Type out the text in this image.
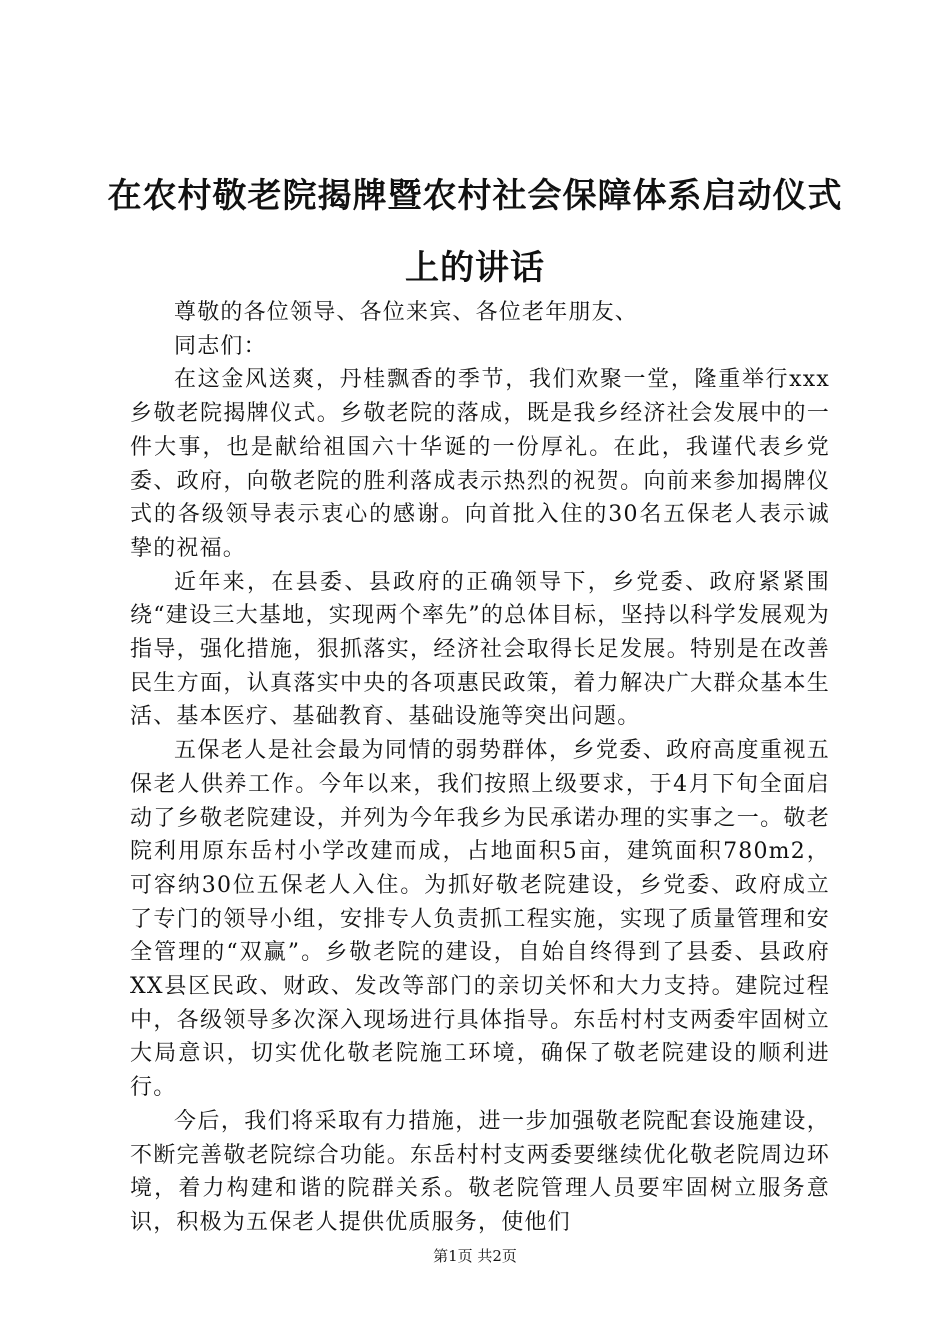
在农村敬老院揭牌暨农村社会保障体系启动仪式上的讲话

尊敬的各位领导、各位来宾、各位老年朋友、

同志们：

在这金风送爽，丹桂飘香的季节，我们欢聚一堂，隆重举行xxx乡敬老院揭牌仪式。乡敬老院的落成，既是我乡经济社会发展中的一件大事，也是献给祖国六十华诞的一份厚礼。在此，我谨代表乡党委、政府，向敬老院的胜利落成表示热烈的祝贺。向前来参加揭牌仪式的各级领导表示衷心的感谢。向首批入住的30名五保老人表示诚挚的祝福。

近年来，在县委、县政府的正确领导下，乡党委、政府紧紧围绕“建设三大基地，实现两个率先”的总体目标，坚持以科学发展观为指导，强化措施，狠抓落实，经济社会取得长足发展。特别是在改善民生方面，认真落实中央的各项惠民政策，着力解决广大群众基本生活、基本医疗、基础教育、基础设施等突出问题。

五保老人是社会最为同情的弱势群体，乡党委、政府高度重视五保老人供养工作。今年以来，我们按照上级要求，于4月下旬全面启动了乡敬老院建设，并列为今年我乡为民承诺办理的实事之一。敬老院利用原东岳村小学改建而成，占地面积5亩，建筑面积780m2，可容纳30位五保老人入住。为抓好敬老院建设，乡党委、政府成立了专门的领导小组，安排专人负责抓工程实施，实现了质量管理和安全管理的“双赢”。乡敬老院的建设，自始自终得到了县委、县政府XX县区民政、财政、发改等部门的亲切关怀和大力支持。建院过程中，各级领导多次深入现场进行具体指导。东岳村村支两委牢固树立大局意识，切实优化敬老院施工环境，确保了敬老院建设的顺利进行。

今后，我们将采取有力措施，进一步加强敬老院配套设施建设，不断完善敬老院综合功能。东岳村村支两委要继续优化敬老院周边环境，着力构建和谐的院群关系。敬老院管理人员要牢固树立服务意识，积极为五保老人提供优质服务，使他们

第1页 共2页
